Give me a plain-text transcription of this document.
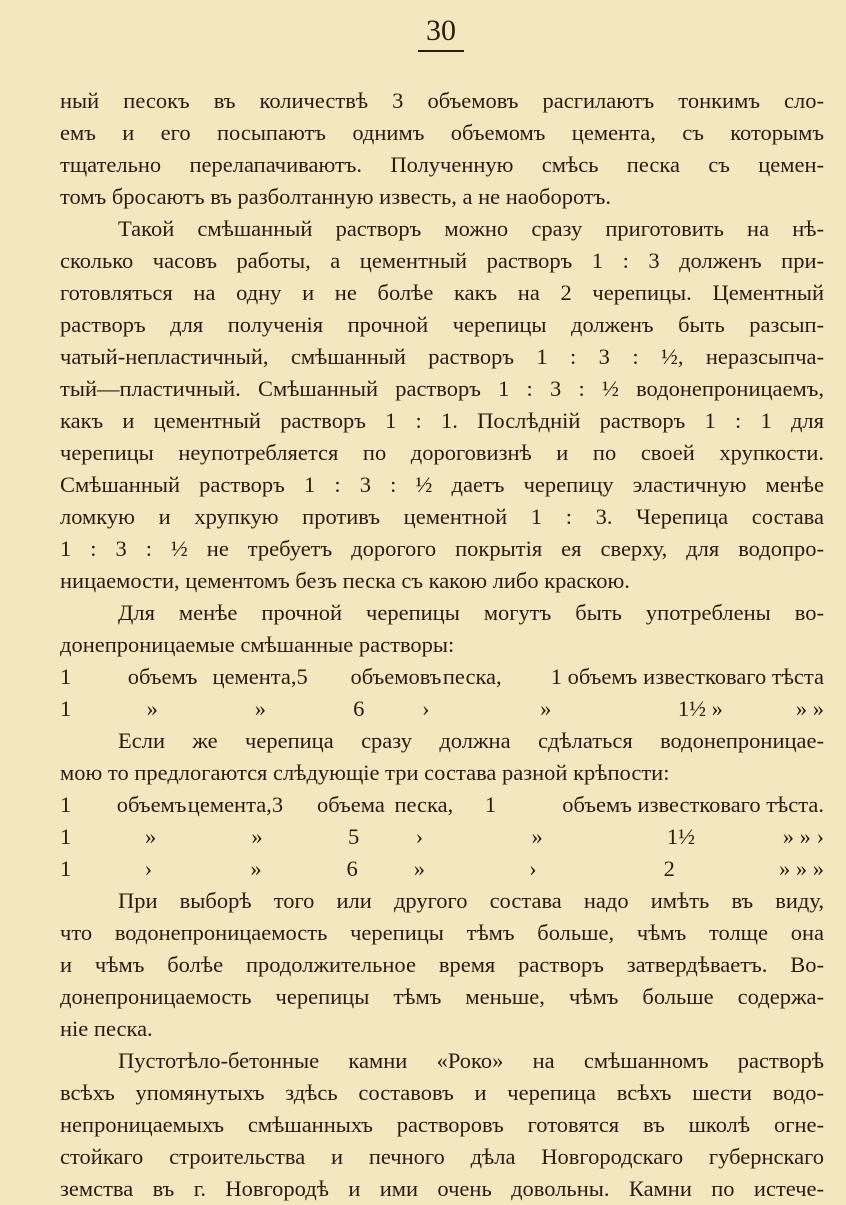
30
ный песокъ въ количествѣ 3 объемовъ расгилаютъ тонкимъ сло-
емъ и его посыпаютъ однимъ объемомъ цемента, съ которымъ
тщательно перелапачиваютъ. Полученную смѣсь песка съ цемен-
томъ бросаютъ въ разболтанную известь, а не наоборотъ.
Такой смѣшанный растворъ можно сразу приготовить на нѣ-
сколько часовъ работы, а цементный растворъ 1 : 3 долженъ при-
готовляться на одну и не болѣе какъ на 2 черепицы. Цементный
растворъ для полученія прочной черепицы долженъ быть разсып-
чатый-непластичный, смѣшанный растворъ 1 : 3 : ½, неразсыпча-
тый—пластичный. Смѣшанный растворъ 1 : 3 : ½ водонепроницаемъ,
какъ и цементный растворъ 1 : 1. Послѣдній растворъ 1 : 1 для
черепицы неупотребляется по дороговизнѣ и по своей хрупкости.
Смѣшанный растворъ 1 : 3 : ½ даетъ черепицу эластичную менѣе
ломкую и хрупкую противъ цементной 1 : 3. Черепица состава
1 : 3 : ½ не требуетъ дорогого покрытія ея сверху, для водопро-
ницаемости, цементомъ безъ песка съ какою либо краскою.
Для менѣе прочной черепицы могутъ быть употреблены во-
донепроницаемые смѣшанные растворы:
1	объемъ цемента, 5	объемовъ песка,	1 объемъ известковаго тѣста
1	»	»	6	›	»	1½ »	» »
Если же черепица сразу должна сдѣлаться водонепроницае-
мою то предлогаются слѣдующіе три состава разной крѣпости:
1	объемъ цемента, 3	объема песка,	1	объемъ известковаго тѣста.
1	»	»	5	›	»	1½	» » ›
1	›	»	6	»	›	2	» » »
При выборѣ того или другого состава надо имѣть въ виду,
что водонепроницаемость черепицы тѣмъ больше, чѣмъ толще она
и чѣмъ болѣе продолжительное время растворъ затвердѣваетъ. Во-
донепроницаемость черепицы тѣмъ меньше, чѣмъ больше содержа-
ніе песка.
Пустотѣло-бетонные камни «Роко» на смѣшанномъ растворѣ
всѣхъ упомянутыхъ здѣсь составовъ и черепица всѣхъ шести водо-
непроницаемыхъ смѣшанныхъ растворовъ готовятся въ школѣ огне-
стойкаго строительства и печного дѣла Новгородскаго губернскаго
земства въ г. Новгородѣ и ими очень довольны. Камни по истече-
